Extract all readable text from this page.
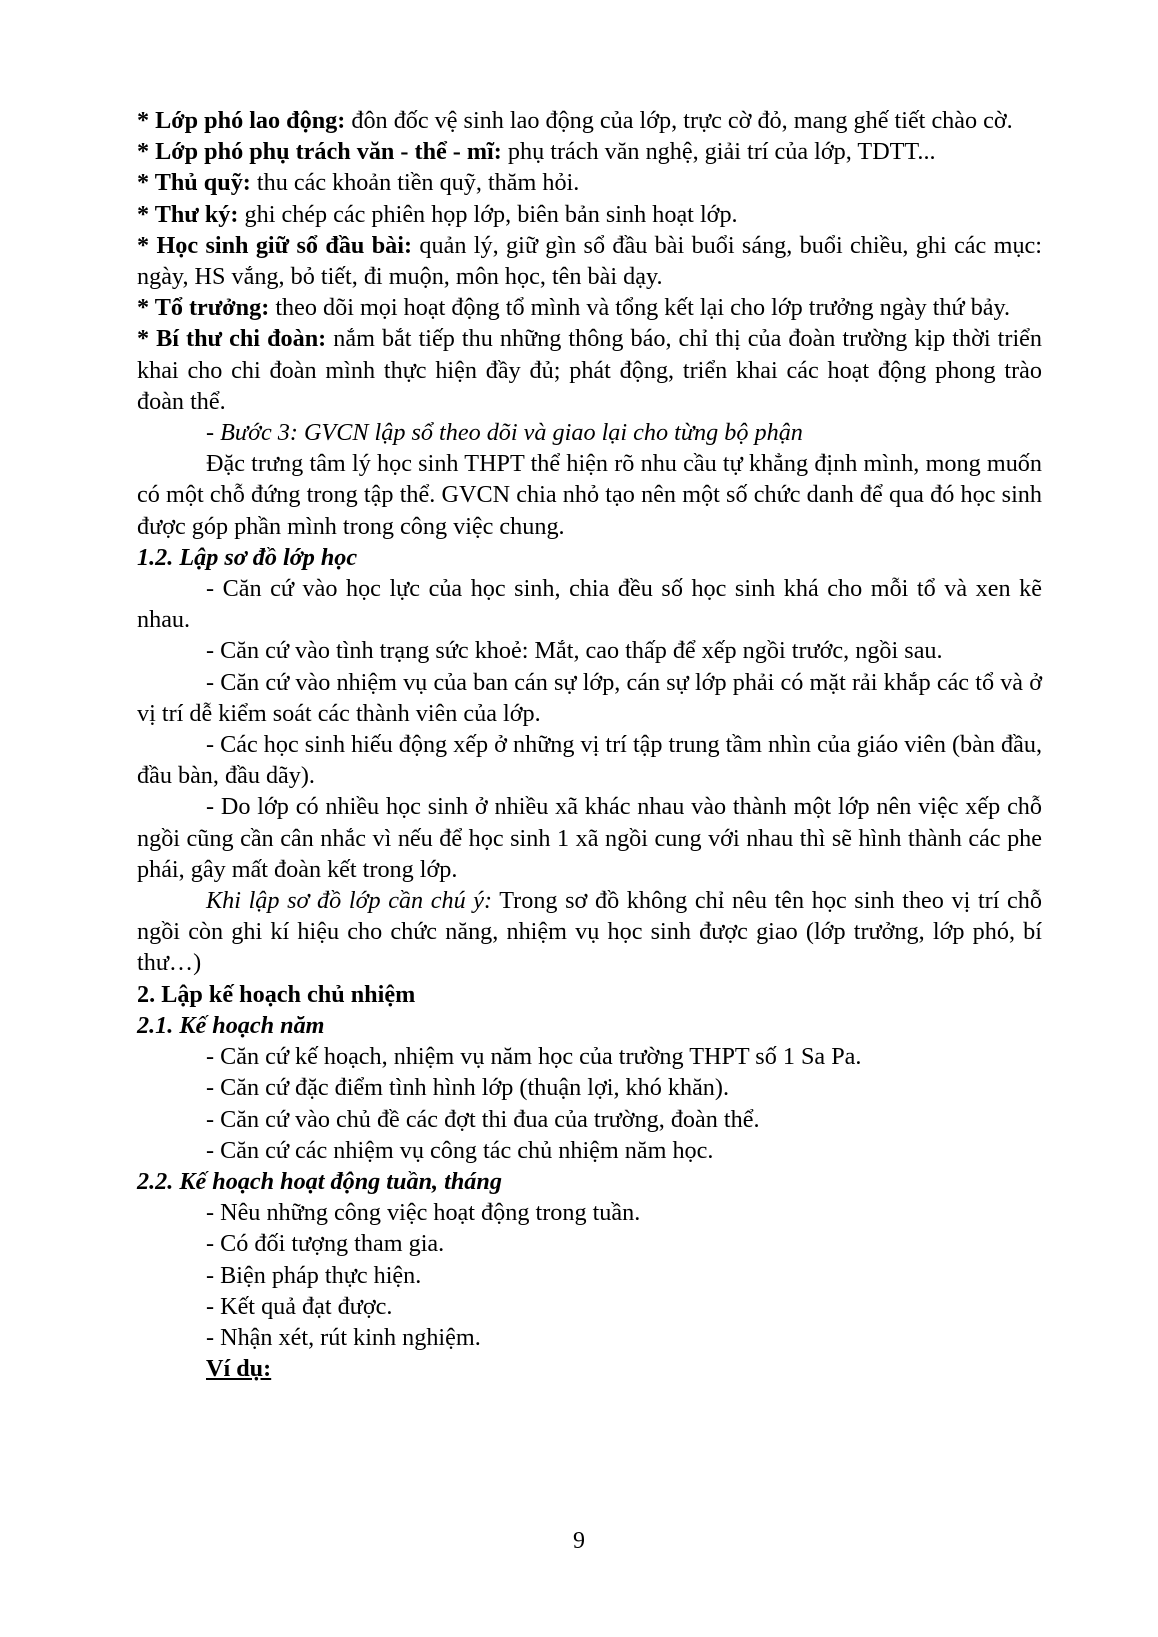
* Lớp phó lao động: đôn đốc vệ sinh lao động của lớp, trực cờ đỏ, mang ghế tiết chào cờ.

* Lớp phó phụ trách văn - thể - mĩ: phụ trách văn nghệ, giải trí của lớp, TDTT...

* Thủ quỹ: thu các khoản tiền quỹ, thăm hỏi.

* Thư ký: ghi chép các phiên họp lớp, biên bản sinh hoạt lớp.

* Học sinh giữ sổ đầu bài: quản lý, giữ gìn sổ đầu bài buổi sáng, buổi chiều, ghi các mục: ngày, HS vắng, bỏ tiết, đi muộn, môn học, tên bài dạy.

* Tổ trưởng: theo dõi mọi hoạt động tổ mình và tổng kết lại cho lớp trưởng ngày thứ bảy.

* Bí thư chi đoàn: nắm bắt tiếp thu những thông báo, chỉ thị của đoàn trường kịp thời triển khai cho chi đoàn mình thực hiện đầy đủ; phát động, triển khai các hoạt động phong trào đoàn thể.

- Bước 3: GVCN lập sổ theo dõi và giao lại cho từng bộ phận

Đặc trưng tâm lý học sinh THPT thể hiện rõ nhu cầu tự khẳng định mình, mong muốn có một chỗ đứng trong tập thể. GVCN chia nhỏ tạo nên một số chức danh để qua đó học sinh được góp phần mình trong công việc chung.

1.2. Lập sơ đồ lớp học

- Căn cứ vào học lực của học sinh, chia đều số học sinh khá cho mỗi tổ và xen kẽ nhau.

- Căn cứ vào tình trạng sức khoẻ: Mắt, cao thấp để xếp ngồi trước, ngồi sau.

- Căn cứ vào nhiệm vụ của ban cán sự lớp, cán sự lớp phải có mặt rải khắp các tổ và ở vị trí dễ kiểm soát các thành viên của lớp.

- Các học sinh hiếu động xếp ở những vị trí tập trung tầm nhìn của giáo viên (bàn đầu, đầu bàn, đầu dãy).

- Do lớp có nhiều học sinh ở nhiều xã khác nhau vào thành một lớp nên việc xếp chỗ ngồi cũng cần cân nhắc vì nếu để học sinh 1 xã ngồi cung với nhau thì sẽ hình thành các phe phái, gây mất đoàn kết trong lớp.

Khi lập sơ đồ lớp cần chú ý: Trong sơ đồ không chỉ nêu tên học sinh theo vị trí chỗ ngồi còn ghi kí hiệu cho chức năng, nhiệm vụ học sinh được giao (lớp trưởng, lớp phó, bí thư…)

2. Lập kế hoạch chủ nhiệm

2.1. Kế hoạch năm

- Căn cứ kế hoạch, nhiệm vụ năm học của trường THPT số 1 Sa Pa.

- Căn cứ đặc điểm tình hình lớp (thuận lợi, khó khăn).

- Căn cứ vào chủ đề các đợt thi đua của trường, đoàn thể.

- Căn cứ các nhiệm vụ công tác chủ nhiệm năm học.

2.2. Kế hoạch hoạt động tuần, tháng

- Nêu những công việc hoạt động trong tuần.

- Có đối tượng tham gia.

- Biện pháp thực hiện.

- Kết quả đạt được.

- Nhận xét, rút kinh nghiệm.

Ví dụ:

9
